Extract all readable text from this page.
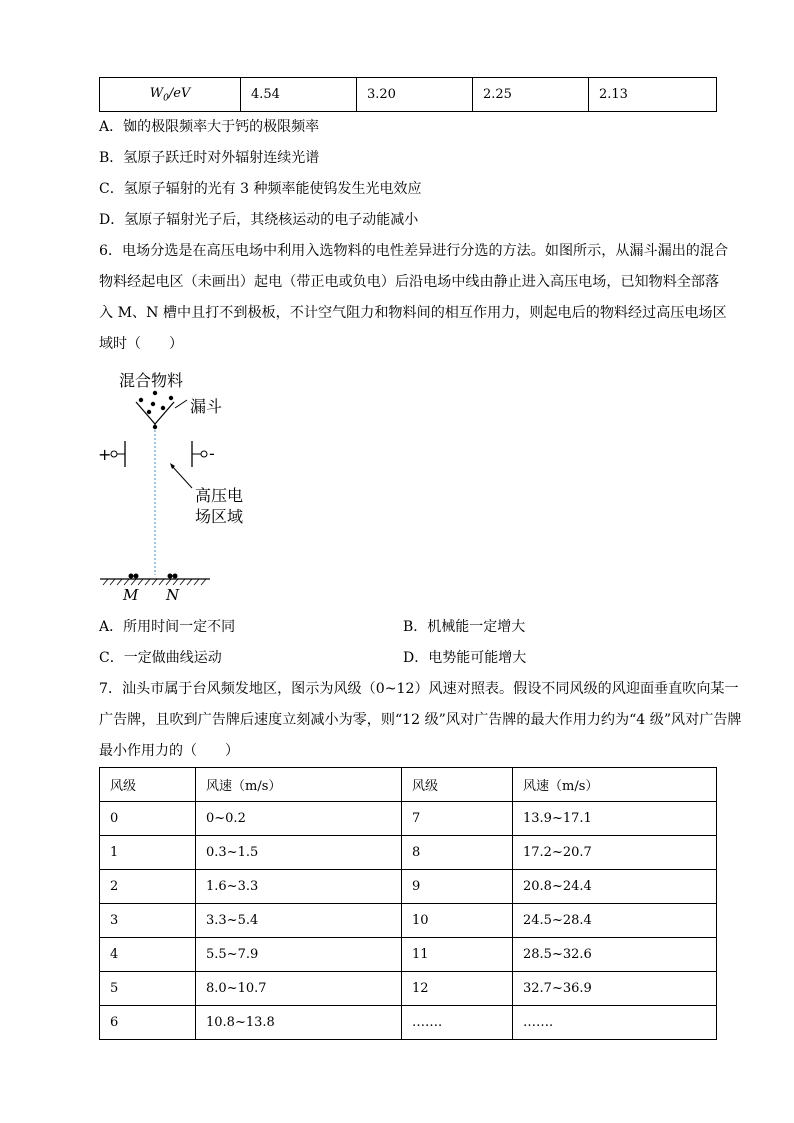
$W_0/eV$	4.54	3.20	2.25	2.13
A．铷的极限频率大于钙的极限频率
B．氢原子跃迁时对外辐射连续光谱
C．氢原子辐射的光有 3 种频率能使钨发生光电效应
D．氢原子辐射光子后，其绕核运动的电子动能减小
6．电场分选是在高压电场中利用入选物料的电性差异进行分选的方法。如图所示，从漏斗漏出的混合
物料经起电区（未画出）起电（带正电或负电）后沿电场中线由静止进入高压电场，已知物料全部落
入 M、N 槽中且打不到极板，不计空气阻力和物料间的相互作用力，则起电后的物料经过高压电场区
域时（　　）
混合物料
漏斗
+	-
高压电
场区域
M N
A．所用时间一定不同	B．机械能一定增大
C．一定做曲线运动	D．电势能可能增大
7．汕头市属于台风频发地区，图示为风级（0~12）风速对照表。假设不同风级的风迎面垂直吹向某一
广告牌，且吹到广告牌后速度立刻减小为零，则“12 级”风对广告牌的最大作用力约为“4 级”风对广告牌
最小作用力的（　　）
风级	风速（m/s）	风级	风速（m/s）
0	0~0.2	7	13.9~17.1
1	0.3~1.5	8	17.2~20.7
2	1.6~3.3	9	20.8~24.4
3	3.3~5.4	10	24.5~28.4
4	5.5~7.9	11	28.5~32.6
5	8.0~10.7	12	32.7~36.9
6	10.8~13.8	…….	…….
